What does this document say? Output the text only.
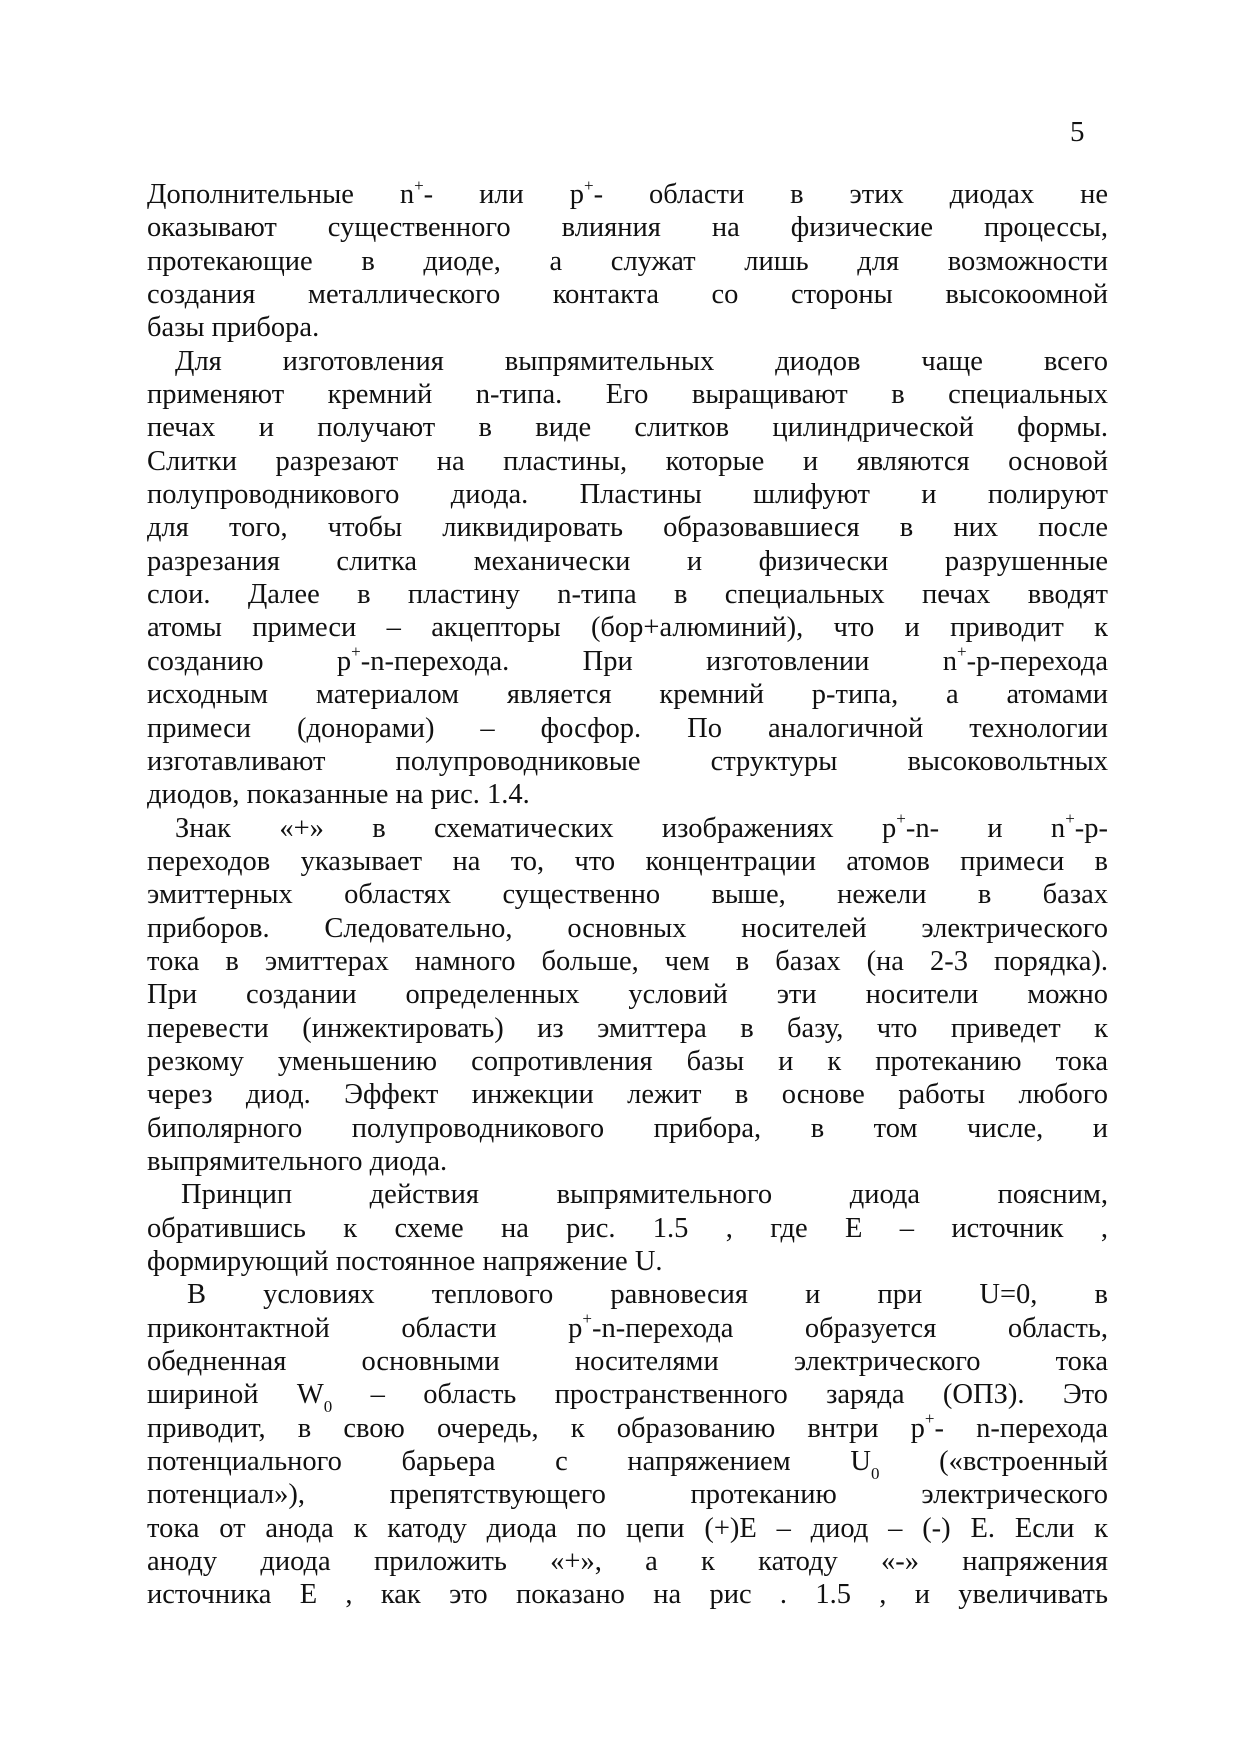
5
Дополнительные n+- или p+- области в этих диодах не
оказывают существенного влияния на физические процессы,
протекающие в диоде, а служат лишь для возможности
создания металлического контакта со стороны высокоомной
базы прибора.
Для изготовления выпрямительных диодов чаще всего
применяют кремний n-типа. Его выращивают в специальных
печах и получают в виде слитков цилиндрической формы.
Слитки разрезают на пластины, которые и являются основой
полупроводникового диода. Пластины шлифуют и полируют
для того, чтобы ликвидировать образовавшиеся в них после
разрезания слитка механически и физически разрушенные
слои. Далее в пластину n-типа в специальных печах вводят
атомы примеси – акцепторы (бор+алюминий), что и приводит к
созданию p+-n-перехода. При изготовлении n+-p-перехода
исходным материалом является кремний p-типа, а атомами
примеси (донорами) – фосфор. По аналогичной технологии
изготавливают полупроводниковые структуры высоковольтных
диодов, показанные на рис. 1.4.
Знак «+» в схематических изображениях p+-n- и n+-p-
переходов указывает на то, что концентрации атомов примеси в
эмиттерных областях существенно выше, нежели в базах
приборов. Следовательно, основных носителей электрического
тока в эмиттерах намного больше, чем в базах (на 2-3 порядка).
При создании определенных условий эти носители можно
перевести (инжектировать) из эмиттера в базу, что приведет к
резкому уменьшению сопротивления базы и к протеканию тока
через диод. Эффект инжекции лежит в основе работы любого
биполярного полупроводникового прибора, в том числе, и
выпрямительного диода.
Принцип действия выпрямительного диода поясним,
обратившись к схеме на рис. 1.5 , где E – источник ,
формирующий постоянное напряжение U.
В условиях теплового равновесия и при U=0, в
приконтактной области p+-n-перехода образуется область,
обедненная основными носителями электрического тока
шириной $W_0$ – область пространственного заряда (ОПЗ). Это
приводит, в свою очередь, к образованию внтри p+- n-перехода
потенциального барьера с напряжением $U_0$ («встроенный
потенциал»), препятствующего протеканию электрического
тока от анода к катоду диода по цепи (+)E – диод – (-) E. Если к
аноду диода приложить «+», а к катоду «-» напряжения
источника E , как это показано на рис . 1.5 , и увеличивать
